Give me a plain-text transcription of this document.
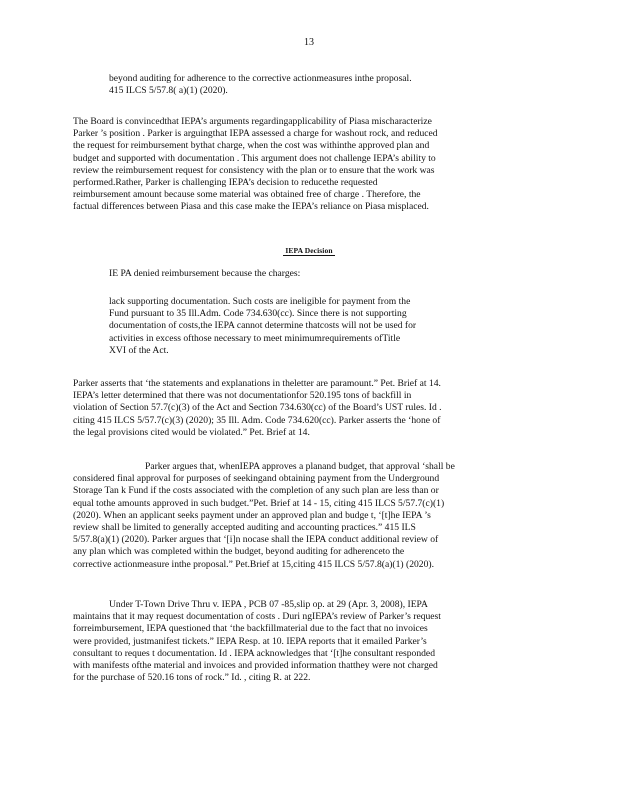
13
beyond auditing for adherence to the corrective actionmeasures inthe proposal.
415 ILCS 5/57.8( a)(1) (2020).
The Board is convincedthat IEPA’s arguments regardingapplicability of Piasa mischaracterize
Parker ’s position . Parker is arguingthat IEPA assessed a charge for washout rock, and reduced
the request for reimbursement bythat charge, when the cost was withinthe approved plan and
budget and supported with documentation . This argument does not challenge IEPA’s ability to
review the reimbursement request for consistency with the plan or to ensure that the work was
performed.Rather, Parker is challenging IEPA’s decision to reducethe requested
reimbursement amount because some material was obtained free of charge . Therefore, the
factual differences between Piasa and this case make the IEPA’s reliance on Piasa misplaced.
IEPA Decision
IE PA denied reimbursement because the charges:
lack supporting documentation. Such costs are ineligible for payment from the
Fund pursuant to 35 Ill.Adm. Code 734.630(cc). Since there is not supporting
documentation of costs,the IEPA cannot determine thatcosts will not be used for
activities in excess ofthose necessary to meet minimumrequirements ofTitle
XVI of the Act.
Parker asserts that ‘the statements and explanations in theletter are paramount.” Pet. Brief at 14.
IEPA’s letter determined that there was not documentationfor 520.195 tons of backfill in
violation of Section 57.7(c)(3) of the Act and Section 734.630(cc) of the Board’s UST rules. Id .
citing 415 ILCS 5/57.7(c)(3) (2020); 35 Ill. Adm. Code 734.620(cc). Parker asserts the ‘hone of
the legal provisions cited would be violated.” Pet. Brief at 14.
Parker argues that, whenIEPA approves a planand budget, that approval ‘shall be
considered final approval for purposes of seekingand obtaining payment from the Underground
Storage Tan k Fund if the costs associated with the completion of any such plan are less than or
equal tothe amounts approved in such budget.”Pet. Brief at 14 - 15, citing 415 ILCS 5/57.7(c)(1)
(2020). When an applicant seeks payment under an approved plan and budge t, ‘[t]he IEPA ’s
review shall be limited to generally accepted auditing and accounting practices.” 415 ILS
5/57.8(a)(1) (2020). Parker argues that ‘[i]n nocase shall the IEPA conduct additional review of
any plan which was completed within the budget, beyond auditing for adherenceto the
corrective actionmeasure inthe proposal.” Pet.Brief at 15,citing 415 ILCS 5/57.8(a)(1) (2020).
Under T-Town Drive Thru v. IEPA , PCB 07 -85,slip op. at 29 (Apr. 3, 2008), IEPA
maintains that it may request documentation of costs . Duri ngIEPA’s review of Parker’s request
forreimbursement, IEPA questioned that ‘the backfillmaterial due to the fact that no invoices
were provided, justmanifest tickets.” IEPA Resp. at 10. IEPA reports that it emailed Parker’s
consultant to reques t documentation. Id . IEPA acknowledges that ‘[t]he consultant responded
with manifests ofthe material and invoices and provided information thatthey were not charged
for the purchase of 520.16 tons of rock.” Id. , citing R. at 222.
